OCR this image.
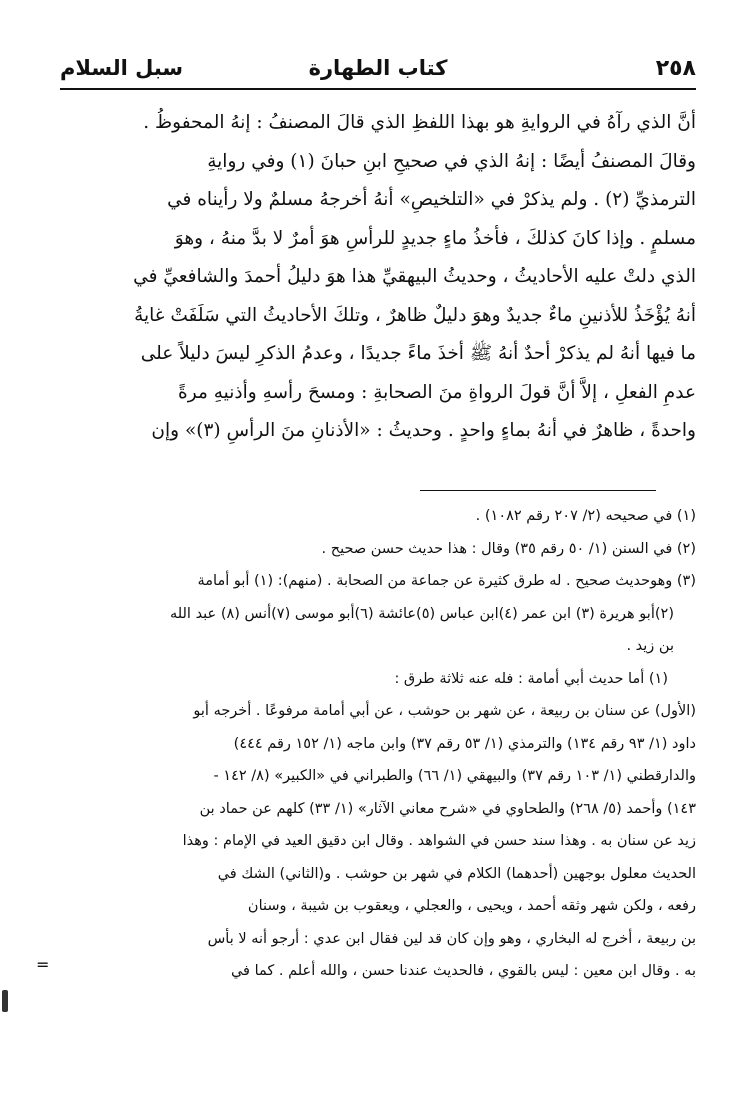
٢٥٨
كتاب الطهارة
سبل السلام
أنَّ الذي رآهُ في الروايةِ هو بهذا اللفظِ الذي قالَ المصنفُ : إنهُ المحفوظُ .
وقالَ المصنفُ أيضًا : إنهُ الذي في صحيحِ ابنِ حبانَ (١) وفي روايةِ
الترمذيِّ (٢) . ولم يذكرْ في «التلخيصِ» أنهُ أخرجهُ مسلمٌ ولا رأيناه في
مسلمٍ . وإذا كانَ كذلكَ ، فأخذُ ماءٍ جديدٍ للرأسِ هوَ أمرٌ لا بدَّ منهُ ، وهوَ
الذي دلتْ عليه الأحاديثُ ، وحديثُ البيهقيِّ هذا هوَ دليلُ أحمدَ والشافعيِّ في
أنهُ يُؤْخَذُ للأذنينِ ماءٌ جديدٌ وهوَ دليلٌ ظاهرٌ ، وتلكَ الأحاديثُ التي سَلَفَتْ غايةُ
ما فيها أنهُ لم يذكرْ أحدٌ أنهُ ﷺ أخذَ ماءً جديدًا ، وعدمُ الذكرِ ليسَ دليلاً على
عدمِ الفعلِ ، إلاَّ أنَّ قولَ الرواةِ منَ الصحابةِ : ومسحَ رأسهِ وأذنيهِ مرةً
واحدةً ، ظاهرٌ في أنهُ بماءٍ واحدٍ . وحديثُ : «الأذنانِ منَ الرأسِ (٣)» وإن
(١) في صحيحه (٢/ ٢٠٧ رقم ١٠٨٢) .
(٢) في السنن (١/ ٥٠ رقم ٣٥) وقال : هذا حديث حسن صحيح .
(٣) وهوحديث صحيح . له طرق كثيرة عن جماعة من الصحابة . (منهم): (١) أبو أمامة
(٢)أبو هريرة (٣) ابن عمر (٤)ابن عباس (٥)عائشة (٦)أبو موسى (٧)أنس (٨) عبد الله
بن زيد .
(١) أما حديث أبي أمامة : فله عنه ثلاثة طرق :
(الأول) عن سنان بن ربيعة ، عن شهر بن حوشب ، عن أبي أمامة مرفوعًا . أخرجه أبو
داود (١/ ٩٣ رقم ١٣٤) والترمذي (١/ ٥٣ رقم ٣٧) وابن ماجه (١/ ١٥٢ رقم ٤٤٤)
والدارقطني (١/ ١٠٣ رقم ٣٧) والبيهقي (١/ ٦٦) والطبراني في «الكبير» (٨/ ١٤٢ -
١٤٣) وأحمد (٥/ ٢٦٨) والطحاوي في «شرح معاني الآثار» (١/ ٣٣) كلهم عن حماد بن
زيد عن سنان به . وهذا سند حسن في الشواهد . وقال ابن دقيق العيد في الإمام : وهذا
الحديث معلول بوجهين (أحدهما) الكلام في شهر بن حوشب . و(الثاني) الشك في
رفعه ، ولكن شهر وثقه أحمد ، ويحيى ، والعجلي ، ويعقوب بن شيبة ، وسنان
بن ربيعة ، أخرج له البخاري ، وهو وإن كان قد لين فقال ابن عدي : أرجو أنه لا بأس
به . وقال ابن معين : ليس بالقوي ، فالحديث عندنا حسن ، والله أعلم . كما في
=
